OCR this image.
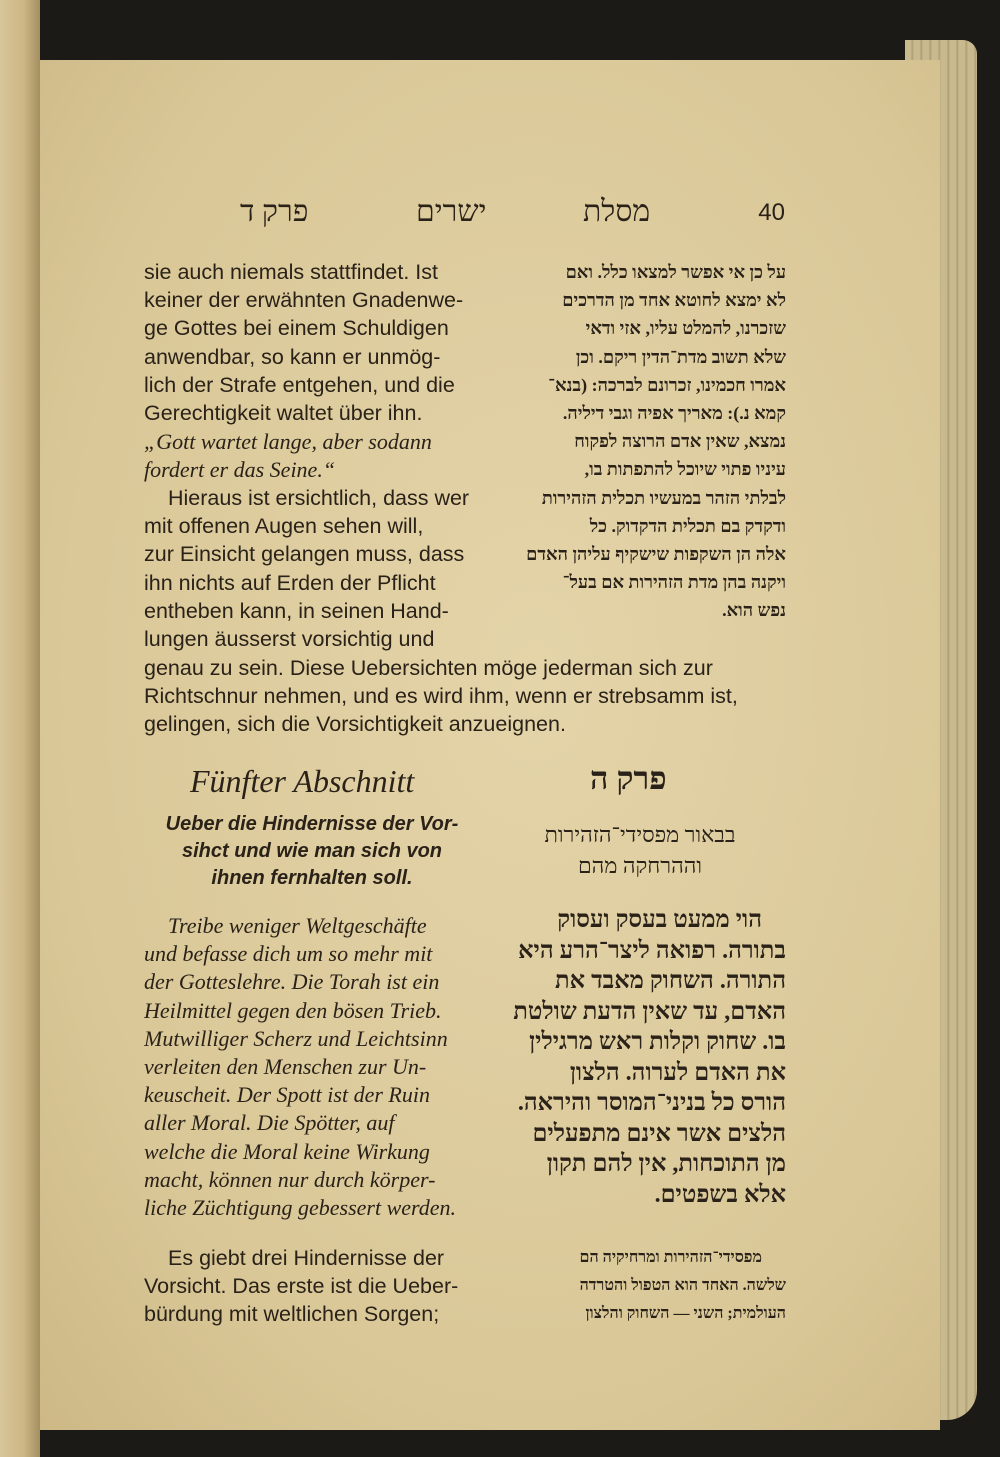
פרק ד	ישרים	מסלת	40
sie auch niemals stattfindet. Ist
keiner der erwähnten Gnadenwe-
ge Gottes bei einem Schuldigen
anwendbar, so kann er unmög-
lich der Strafe entgehen, und die
Gerechtigkeit waltet über ihn.
„Gott wartet lange, aber sodann
fordert er das Seine.“
Hieraus ist ersichtlich, dass wer
mit offenen Augen sehen will,
zur Einsicht gelangen muss, dass
ihn nichts auf Erden der Pflicht
entheben kann, in seinen Hand-
lungen äusserst vorsichtig und
על כן אי אפשר למצאו כלל. ואם
לא ימצא לחוטא אחד מן הדרכים
שזכרנו, להמלט עליו, אזי ודאי
שלא תשוב מדת־הדין ריקם. וכן
אמרו חכמינו, זכרונם לברכה: (בנא־
קמא נ.): מאריך אפיה וגבי דיליה.
נמצא, שאין אדם הרוצה לפקוח
עיניו פתוי שיוכל להתפתות בו,
לבלתי הזהר במעשיו תכלית הזהירות
ודקדק בם תכלית הדקדוק. כל
אלה הן השקפות שישקיף עליהן האדם
ויקנה בהן מדת הזהירות אם בעל־
נפש הוא.
genau zu sein. Diese Uebersichten möge jederman sich zur
Richtschnur nehmen, und es wird ihm, wenn er strebsamm ist,
gelingen, sich die Vorsichtigkeit anzueignen.
Fünfter Abschnitt	פרק ה
Ueber die Hindernisse der Vor-
sihct und wie man sich von
ihnen fernhalten soll.
בבאור מפסידי־הזהירות
וההרחקה מהם
Treibe weniger Weltgeschäfte
und befasse dich um so mehr mit
der Gotteslehre. Die Torah ist ein
Heilmittel gegen den bösen Trieb.
Mutwilliger Scherz und Leichtsinn
verleiten den Menschen zur Un-
keuscheit. Der Spott ist der Ruin
aller Moral. Die Spötter, auf
welche die Moral keine Wirkung
macht, können nur durch körper-
liche Züchtigung gebessert werden.
הוי ממעט בעסק ועסוק
בתורה. רפואה ליצר־הרע היא
התורה. השחוק מאבד את
האדם, עד שאין הדעת שולטת
בו. שחוק וקלות ראש מרגילין
את האדם לערוה. הלצון
הורס כל בניני־המוסר והיראה.
הלצים אשר אינם מתפעלים
מן התוכחות, אין להם תקון
אלא בשפטים.
Es giebt drei Hindernisse der
Vorsicht. Das erste ist die Ueber-
bürdung mit weltlichen Sorgen;
מפסידי־הזהירות ומרחיקיה הם
שלשה. האחד הוא הטפול והטרדה
העולמית; השני — השחוק והלצון
